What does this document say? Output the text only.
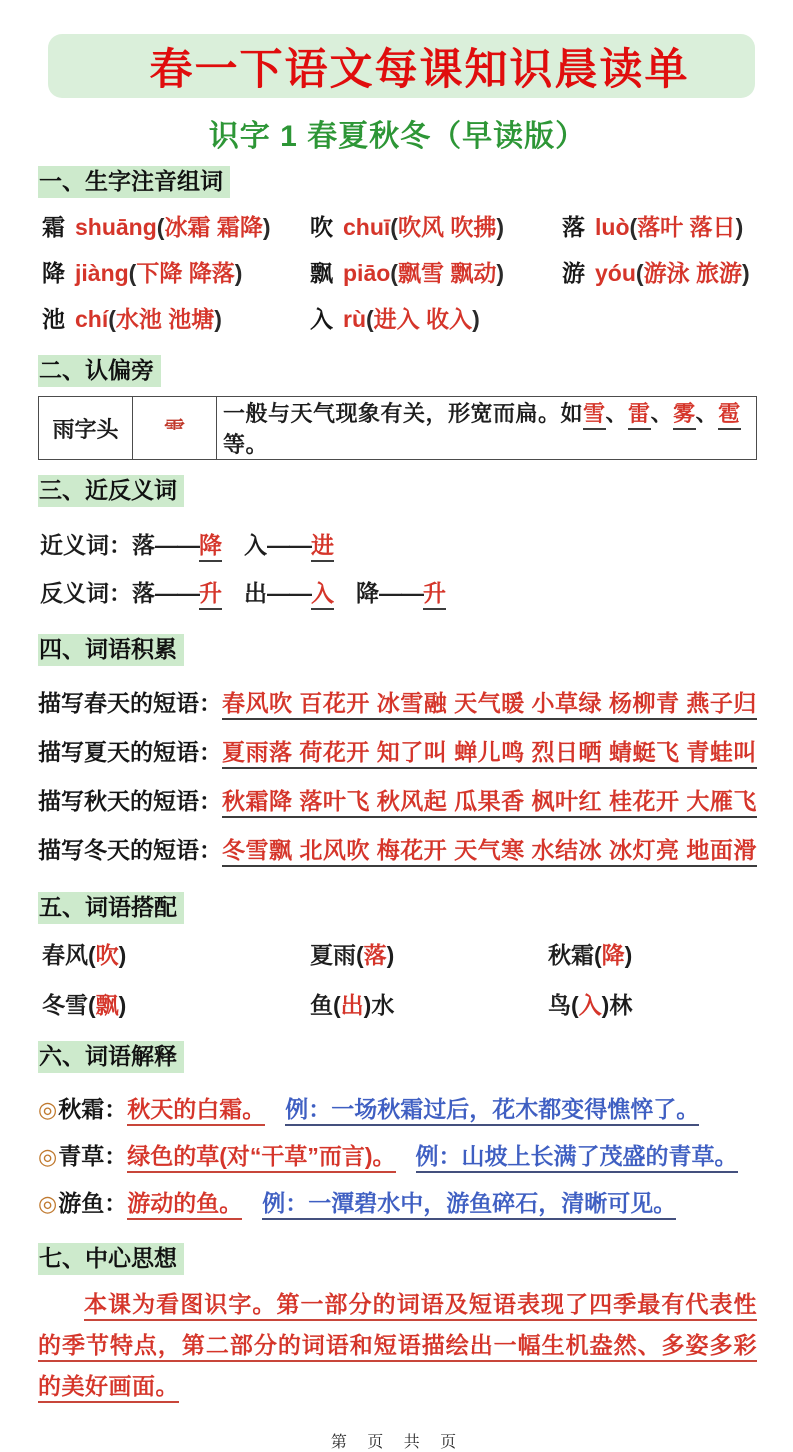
春一下语文每课知识晨读单
识字 1 春夏秋冬（早读版）
一、生字注音组词
霜 shuāng(冰霜 霜降)	吹 chuī(吹风 吹拂)	落 luò(落叶 落日)
降 jiàng(下降 降落)	飘 piāo(飘雪 飘动)	游 yóu(游泳 旅游)
池 chí(水池 池塘)	入 rù(进入 收入)
二、认偏旁
雨字头	⻗	一般与天气现象有关，形宽而扁。如雪、雷、雾、雹等。
三、近反义词
近义词：落——降 入——进
反义词：落——升 出——入 降——升
四、词语积累
描写春天的短语：春风吹 百花开 冰雪融 天气暖 小草绿 杨柳青 燕子归
描写夏天的短语：夏雨落 荷花开 知了叫 蝉儿鸣 烈日晒 蜻蜓飞 青蛙叫
描写秋天的短语：秋霜降 落叶飞 秋风起 瓜果香 枫叶红 桂花开 大雁飞
描写冬天的短语：冬雪飘 北风吹 梅花开 天气寒 水结冰 冰灯亮 地面滑
五、词语搭配
春风(吹)	夏雨(落)	秋霜(降)
冬雪(飘)	鱼(出)水	鸟(入)林
六、词语解释
◎秋霜：秋天的白霜。 例：一场秋霜过后，花木都变得憔悴了。
◎青草：绿色的草(对“干草”而言)。 例：山坡上长满了茂盛的青草。
◎游鱼：游动的鱼。 例：一潭碧水中，游鱼碎石，清晰可见。
七、中心思想

本课为看图识字。第一部分的词语及短语表现了四季最有代表性的季节特点，第二部分的词语和短语描绘出一幅生机盎然、多姿多彩的美好画面。

第 页 共 页
